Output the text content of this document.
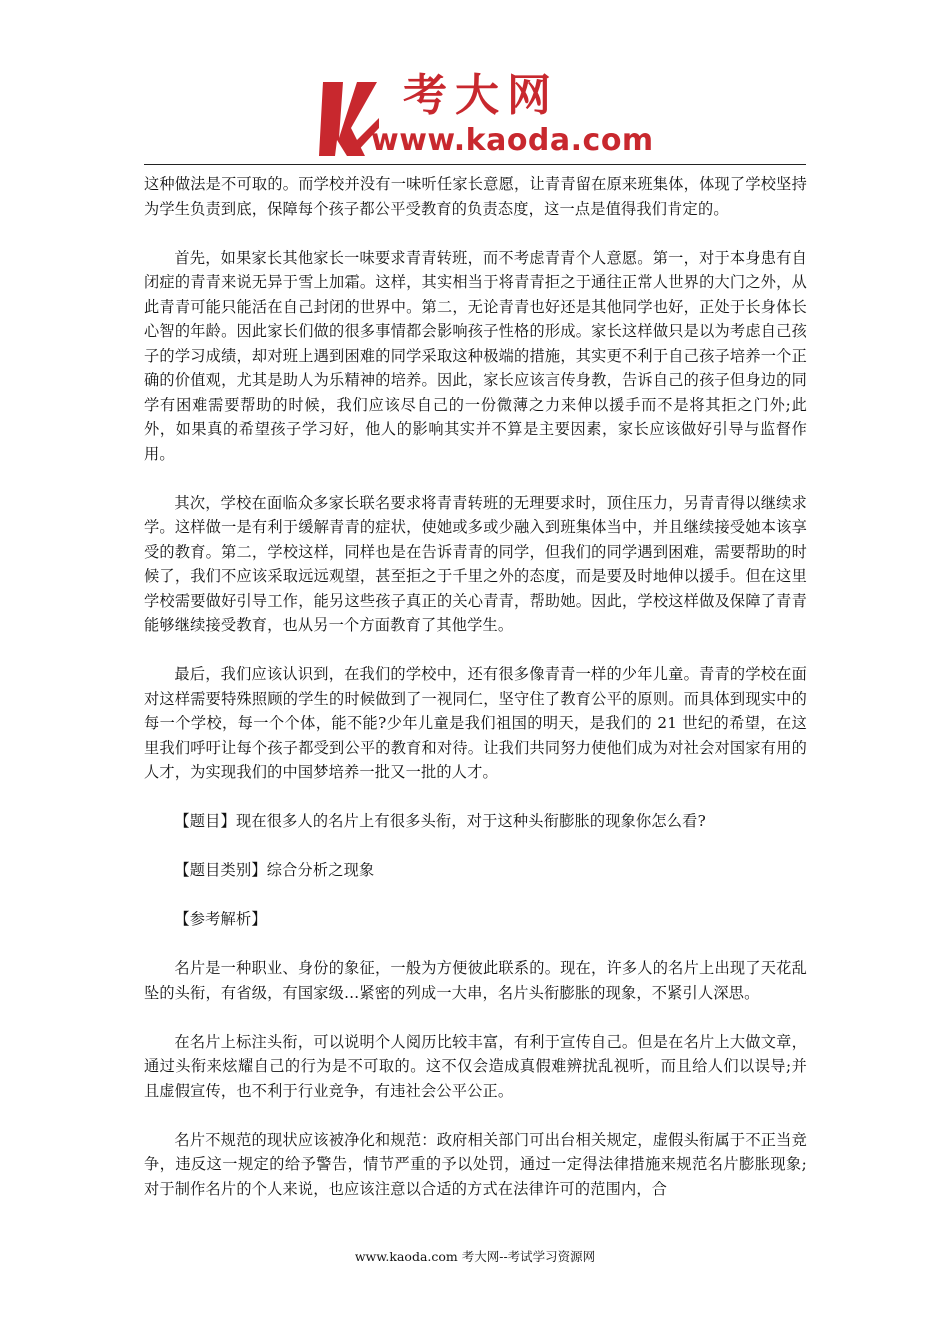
考大网
www.kaoda.com

这种做法是不可取的。而学校并没有一味听任家长意愿，让青青留在原来班集体，体现了学校坚持为学生负责到底，保障每个孩子都公平受教育的负责态度，这一点是值得我们肯定的。

首先，如果家长其他家长一味要求青青转班，而不考虑青青个人意愿。第一，对于本身患有自闭症的青青来说无异于雪上加霜。这样，其实相当于将青青拒之于通往正常人世界的大门之外，从此青青可能只能活在自己封闭的世界中。第二，无论青青也好还是其他同学也好，正处于长身体长心智的年龄。因此家长们做的很多事情都会影响孩子性格的形成。家长这样做只是以为考虑自己孩子的学习成绩，却对班上遇到困难的同学采取这种极端的措施，其实更不利于自己孩子培养一个正确的价值观，尤其是助人为乐精神的培养。因此，家长应该言传身教，告诉自己的孩子但身边的同学有困难需要帮助的时候，我们应该尽自己的一份微薄之力来伸以援手而不是将其拒之门外;此外，如果真的希望孩子学习好，他人的影响其实并不算是主要因素，家长应该做好引导与监督作用。

其次，学校在面临众多家长联名要求将青青转班的无理要求时，顶住压力，另青青得以继续求学。这样做一是有利于缓解青青的症状，使她或多或少融入到班集体当中，并且继续接受她本该享受的教育。第二，学校这样，同样也是在告诉青青的同学，但我们的同学遇到困难，需要帮助的时候了，我们不应该采取远远观望，甚至拒之于千里之外的态度，而是要及时地伸以援手。但在这里学校需要做好引导工作，能另这些孩子真正的关心青青，帮助她。因此，学校这样做及保障了青青能够继续接受教育，也从另一个方面教育了其他学生。

最后，我们应该认识到，在我们的学校中，还有很多像青青一样的少年儿童。青青的学校在面对这样需要特殊照顾的学生的时候做到了一视同仁，坚守住了教育公平的原则。而具体到现实中的每一个学校，每一个个体，能不能?少年儿童是我们祖国的明天，是我们的 21 世纪的希望，在这里我们呼吁让每个孩子都受到公平的教育和对待。让我们共同努力使他们成为对社会对国家有用的人才，为实现我们的中国梦培养一批又一批的人才。

【题目】现在很多人的名片上有很多头衔，对于这种头衔膨胀的现象你怎么看?

【题目类别】综合分析之现象

【参考解析】

名片是一种职业、身份的象征，一般为方便彼此联系的。现在，许多人的名片上出现了天花乱坠的头衔，有省级，有国家级…紧密的列成一大串，名片头衔膨胀的现象，不紧引人深思。

在名片上标注头衔，可以说明个人阅历比较丰富，有利于宣传自己。但是在名片上大做文章，通过头衔来炫耀自己的行为是不可取的。这不仅会造成真假难辨扰乱视听，而且给人们以误导;并且虚假宣传，也不利于行业竞争，有违社会公平公正。

名片不规范的现状应该被净化和规范：政府相关部门可出台相关规定，虚假头衔属于不正当竞争，违反这一规定的给予警告，情节严重的予以处罚，通过一定得法律措施来规范名片膨胀现象;对于制作名片的个人来说，也应该注意以合适的方式在法律许可的范围内，合

www.kaoda.com 考大网--考试学习资源网
